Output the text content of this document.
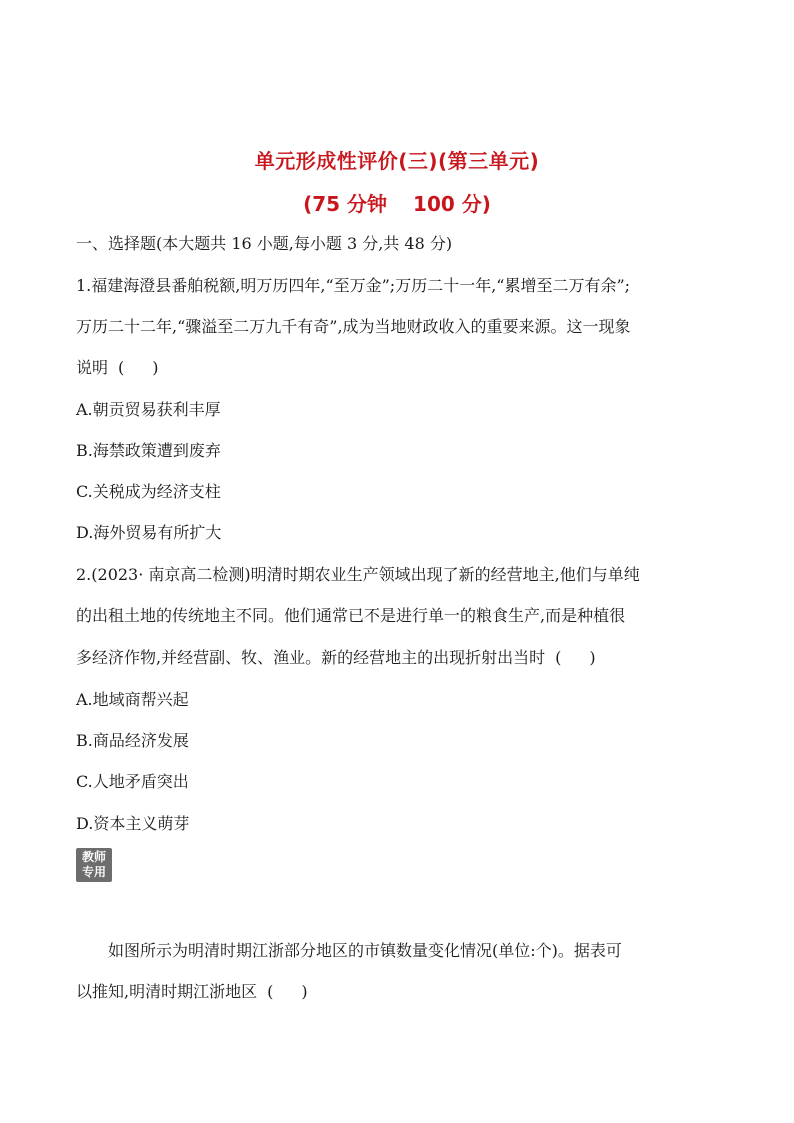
单元形成性评价(三)(第三单元)
(75 分钟 100 分)
一、选择题(本大题共 16 小题,每小题 3 分,共 48 分)
1.福建海澄县番舶税额,明万历四年,“至万金”;万历二十一年,“累增至二万有余”;
万历二十二年,“骤溢至二万九千有奇”,成为当地财政收入的重要来源。这一现象
说明 ( )
A.朝贡贸易获利丰厚
B.海禁政策遭到废弃
C.关税成为经济支柱
D.海外贸易有所扩大
2.(2023· 南京高二检测)明清时期农业生产领域出现了新的经营地主,他们与单纯
的出租土地的传统地主不同。他们通常已不是进行单一的粮食生产,而是种植很
多经济作物,并经营副、牧、渔业。新的经营地主的出现折射出当时 ( )
A.地域商帮兴起
B.商品经济发展
C.人地矛盾突出
D.资本主义萌芽
教师
专用
如图所示为明清时期江浙部分地区的市镇数量变化情况(单位:个)。据表可
以推知,明清时期江浙地区 ( )
